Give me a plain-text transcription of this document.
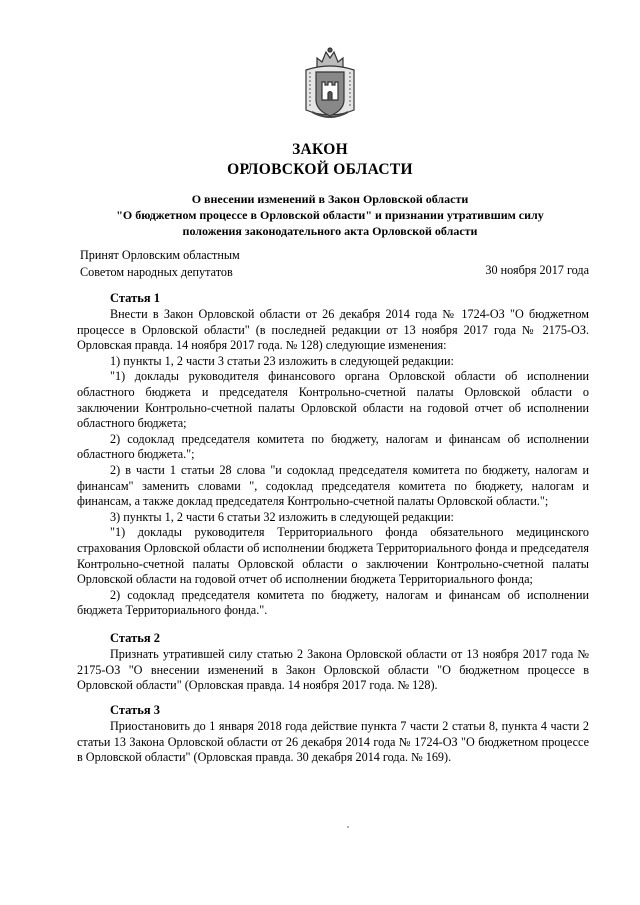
ЗАКОН
ОРЛОВСКОЙ ОБЛАСТИ
О внесении изменений в Закон Орловской области
"О бюджетном процессе в Орловской области" и признании утратившим силу
положения законодательного акта Орловской области
Принят Орловским областным
Советом народных депутатов	30 ноября 2017 года
Статья 1

Внести в Закон Орловской области от 26 декабря 2014 года № 1724-ОЗ "О бюджетном процессе в Орловской области" (в последней редакции от 13 ноября 2017 года № 2175-ОЗ. Орловская правда. 14 ноября 2017 года. № 128) следующие изменения:

1) пункты 1, 2 части 3 статьи 23 изложить в следующей редакции:

"1) доклады руководителя финансового органа Орловской области об исполнении областного бюджета и председателя Контрольно-счетной палаты Орловской области о заключении Контрольно-счетной палаты Орловской области на годовой отчет об исполнении областного бюджета;

2) содоклад председателя комитета по бюджету, налогам и финансам об исполнении областного бюджета.";

2) в части 1 статьи 28 слова "и содоклад председателя комитета по бюджету, налогам и финансам" заменить словами ", содоклад председателя комитета по бюджету, налогам и финансам, а также доклад председателя Контрольно-счетной палаты Орловской области.";

3) пункты 1, 2 части 6 статьи 32 изложить в следующей редакции:

"1) доклады руководителя Территориального фонда обязательного медицинского страхования Орловской области об исполнении бюджета Территориального фонда и председателя Контрольно-счетной палаты Орловской области о заключении Контрольно-счетной палаты Орловской области на годовой отчет об исполнении бюджета Территориального фонда;

2) содоклад председателя комитета по бюджету, налогам и финансам об исполнении бюджета Территориального фонда.".

Статья 2

Признать утратившей силу статью 2 Закона Орловской области от 13 ноября 2017 года № 2175-ОЗ "О внесении изменений в Закон Орловской области "О бюджетном процессе в Орловской области" (Орловская правда. 14 ноября 2017 года. № 128).

Статья 3

Приостановить до 1 января 2018 года действие пункта 7 части 2 статьи 8, пункта 4 части 2 статьи 13 Закона Орловской области от 26 декабря 2014 года № 1724-ОЗ "О бюджетном процессе в Орловской области" (Орловская правда. 30 декабря 2014 года. № 169).
